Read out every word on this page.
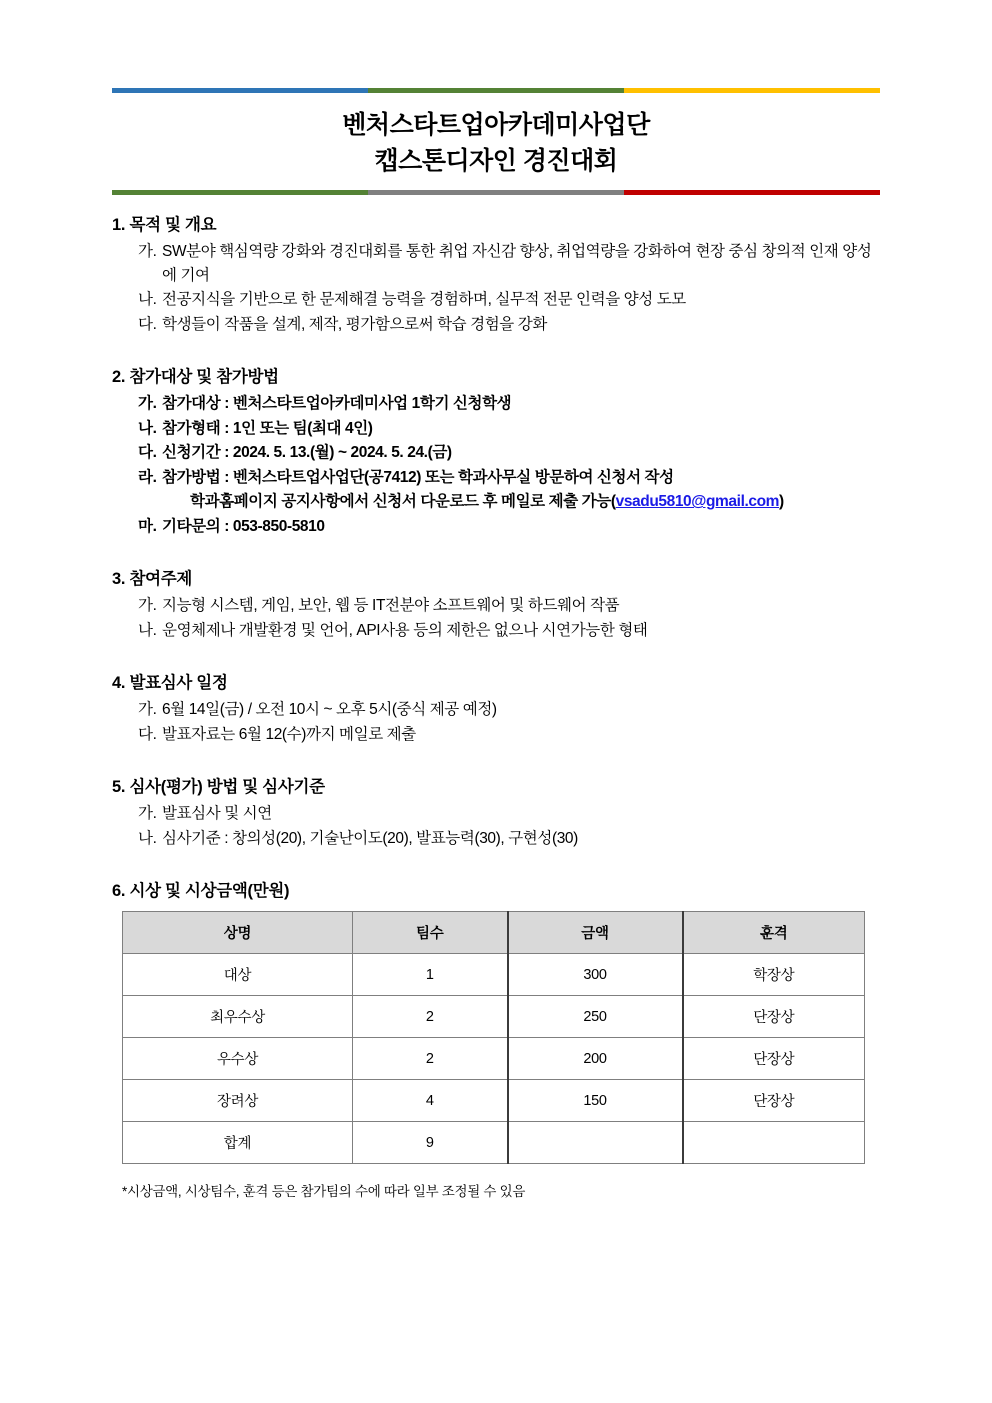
벤처스타트업아카데미사업단
캡스톤디자인 경진대회
1. 목적 및 개요
가. SW분야 핵심역량 강화와 경진대회를 통한 취업 자신감 향상, 취업역량을 강화하여 현장 중심 창의적 인재 양성에 기여
나. 전공지식을 기반으로 한 문제해결 능력을 경험하며, 실무적 전문 인력을 양성 도모
다. 학생들이 작품을 설계, 제작, 평가함으로써 학습 경험을 강화
2. 참가대상 및 참가방법
가. 참가대상 : 벤처스타트업아카데미사업 1학기 신청학생
나. 참가형태 : 1인 또는 팀(최대 4인)
다. 신청기간 : 2024. 5. 13.(월) ~ 2024. 5. 24.(금)
라. 참가방법 : 벤처스타트업사업단(공7412) 또는 학과사무실 방문하여 신청서 작성
학과홈페이지 공지사항에서 신청서 다운로드 후 메일로 제출 가능(vsadu5810@gmail.com)
마. 기타문의 : 053-850-5810
3. 참여주제
가. 지능형 시스템, 게임, 보안, 웹 등 IT전분야 소프트웨어 및 하드웨어 작품
나. 운영체제나 개발환경 및 언어, API사용 등의 제한은 없으나 시연가능한 형태
4. 발표심사 일정
가. 6월 14일(금) / 오전 10시 ~ 오후 5시(중식 제공 예정)
다. 발표자료는 6월 12(수)까지 메일로 제출
5. 심사(평가) 방법 및 심사기준
가. 발표심사 및 시연
나. 심사기준 : 창의성(20), 기술난이도(20), 발표능력(30), 구현성(30)
6. 시상 및 시상금액(만원)
상명	팀수	금액	훈격
대상	1	300	학장상
최우수상	2	250	단장상
우수상	2	200	단장상
장려상	4	150	단장상
합계	9		
*시상금액, 시상팀수, 훈격 등은 참가팀의 수에 따라 일부 조정될 수 있음
